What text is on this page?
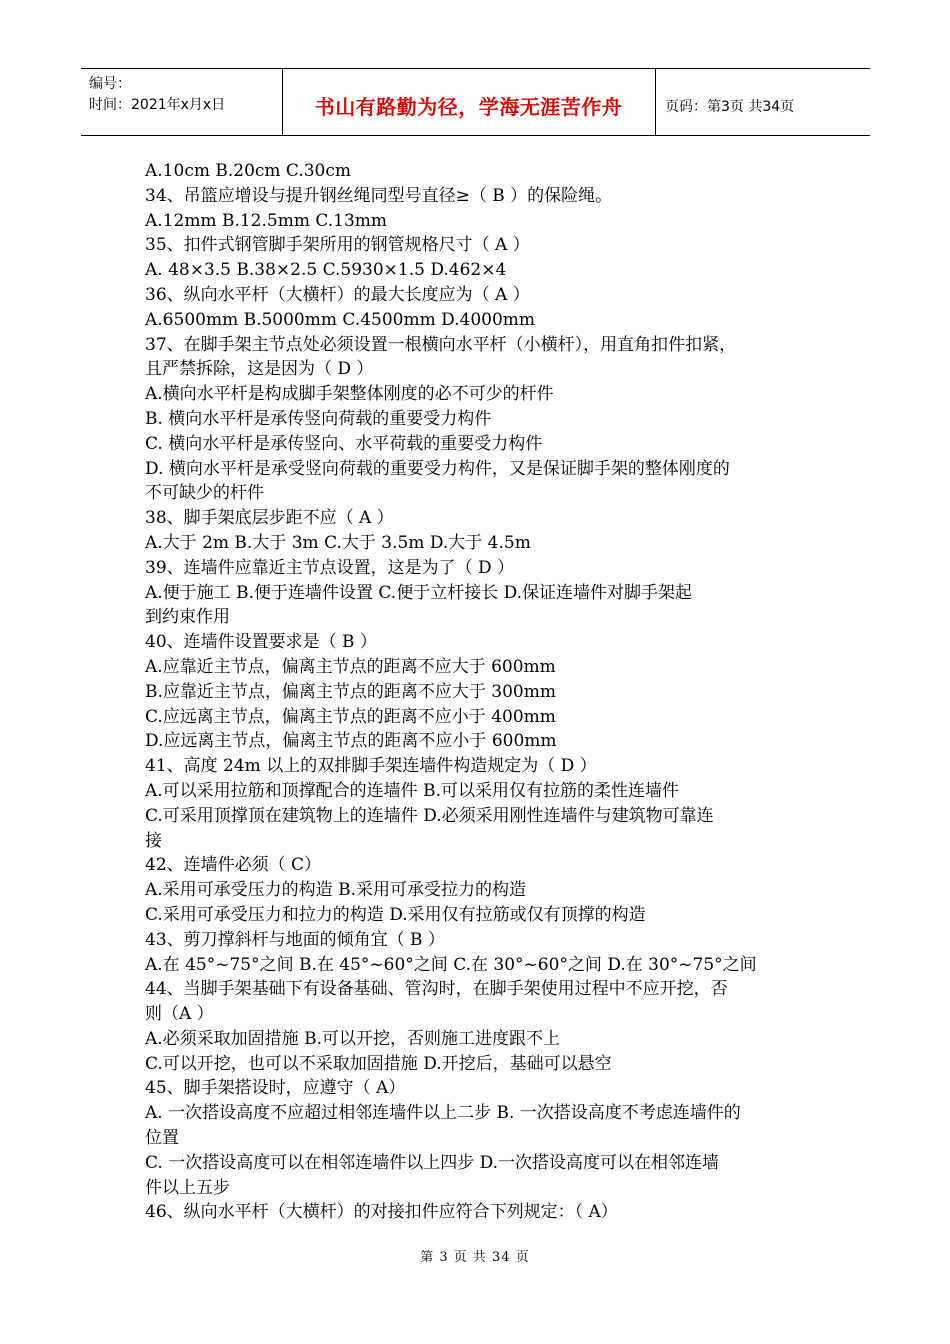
编号：
时间：2021年x月x日	书山有路勤为径，学海无涯苦作舟	页码：第3页 共34页
A.10cm B.20cm C.30cm
34、吊篮应增设与提升钢丝绳同型号直径≥（ B ）的保险绳。
A.12mm B.12.5mm C.13mm
35、扣件式钢管脚手架所用的钢管规格尺寸（ A ）
A. 48×3.5 B.38×2.5 C.5930×1.5 D.462×4
36、纵向水平杆（大横杆）的最大长度应为（ A ）
A.6500mm B.5000mm C.4500mm D.4000mm
37、在脚手架主节点处必须设置一根横向水平杆（小横杆），用直角扣件扣紧，
且严禁拆除，这是因为（ D ）
A.横向水平杆是构成脚手架整体刚度的必不可少的杆件
B. 横向水平杆是承传竖向荷载的重要受力构件
C. 横向水平杆是承传竖向、水平荷载的重要受力构件
D. 横向水平杆是承受竖向荷载的重要受力构件，又是保证脚手架的整体刚度的
不可缺少的杆件
38、脚手架底层步距不应（ A ）
A.大于 2m B.大于 3m C.大于 3.5m D.大于 4.5m
39、连墙件应靠近主节点设置，这是为了（ D ）
A.便于施工 B.便于连墙件设置 C.便于立杆接长 D.保证连墙件对脚手架起
到约束作用
40、连墙件设置要求是（ B ）
A.应靠近主节点，偏离主节点的距离不应大于 600mm
B.应靠近主节点，偏离主节点的距离不应大于 300mm
C.应远离主节点，偏离主节点的距离不应小于 400mm
D.应远离主节点，偏离主节点的距离不应小于 600mm
41、高度 24m 以上的双排脚手架连墙件构造规定为（ D ）
A.可以采用拉筋和顶撑配合的连墙件 B.可以采用仅有拉筋的柔性连墙件
C.可采用顶撑顶在建筑物上的连墙件 D.必须采用刚性连墙件与建筑物可靠连
接
42、连墙件必须（ C）
A.采用可承受压力的构造 B.采用可承受拉力的构造
C.采用可承受压力和拉力的构造 D.采用仅有拉筋或仅有顶撑的构造
43、剪刀撑斜杆与地面的倾角宜（ B ）
A.在 45°~75°之间 B.在 45°~60°之间 C.在 30°~60°之间 D.在 30°~75°之间
44、当脚手架基础下有设备基础、管沟时，在脚手架使用过程中不应开挖，否
则（A ）
A.必须采取加固措施 B.可以开挖，否则施工进度跟不上
C.可以开挖，也可以不采取加固措施 D.开挖后，基础可以悬空
45、脚手架搭设时，应遵守（ A）
A. 一次搭设高度不应超过相邻连墙件以上二步 B. 一次搭设高度不考虑连墙件的
位置
C. 一次搭设高度可以在相邻连墙件以上四步 D.一次搭设高度可以在相邻连墙
件以上五步
46、纵向水平杆（大横杆）的对接扣件应符合下列规定：（ A）
第 3 页 共 34 页
